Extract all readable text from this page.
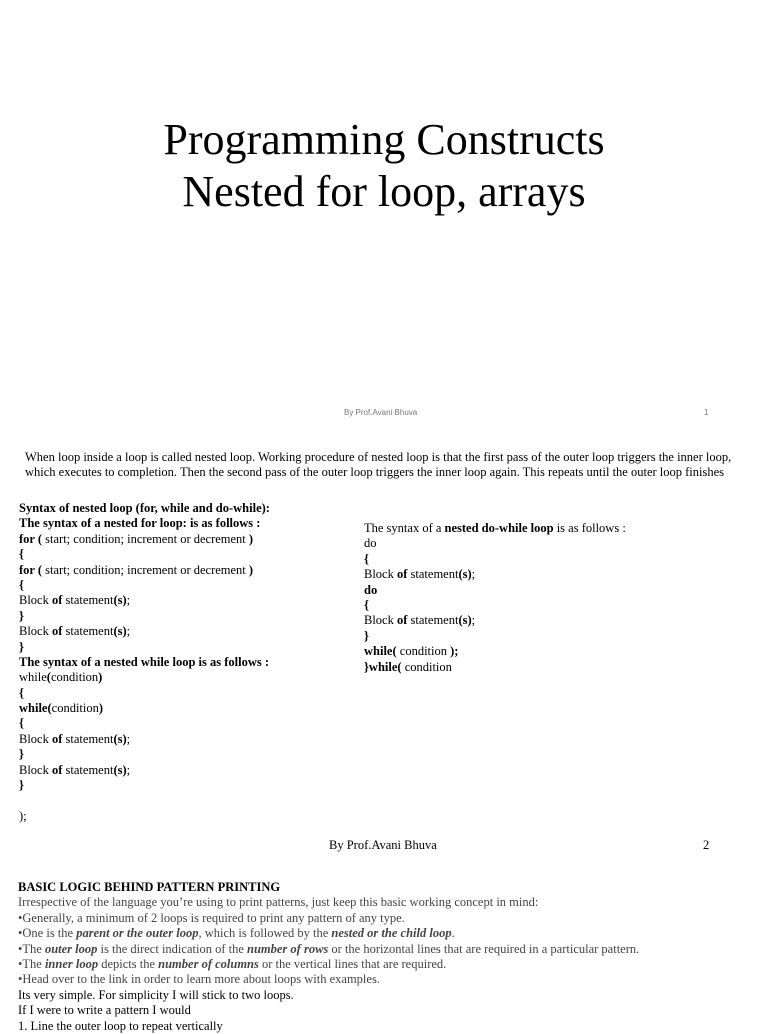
Programming Constructs
Nested for loop, arrays
By Prof.Avani Bhuva	1
When loop inside a loop is called nested loop. Working procedure of nested loop is that the first pass of the outer loop triggers the inner loop, which executes to completion. Then the second pass of the outer loop triggers the inner loop again. This repeats until the outer loop finishes
Syntax of nested loop (for, while and do-while):
The syntax of a nested for loop: is as follows :
for ( start; condition; increment or decrement )
{
for ( start; condition; increment or decrement )
{
Block of statement(s);
}
Block of statement(s);
}
The syntax of a nested while loop is as follows :
while(condition)
{
while(condition)
{
Block of statement(s);
}
Block of statement(s);
}
);
The syntax of a nested do-while loop is as follows :
do
{
Block of statement(s);
do
{
Block of statement(s);
}
while( condition );
}while( condition
By Prof.Avani Bhuva	2
BASIC LOGIC BEHIND PATTERN PRINTING
Irrespective of the language you’re using to print patterns, just keep this basic working concept in mind:
•Generally, a minimum of 2 loops is required to print any pattern of any type.
•One is the parent or the outer loop, which is followed by the nested or the child loop.
•The outer loop is the direct indication of the number of rows or the horizontal lines that are required in a particular pattern.
•The inner loop depicts the number of columns or the vertical lines that are required.
•Head over to the link in order to learn more about loops with examples.
Its very simple. For simplicity I will stick to two loops.
If I were to write a pattern I would
1. Line the outer loop to repeat vertically
